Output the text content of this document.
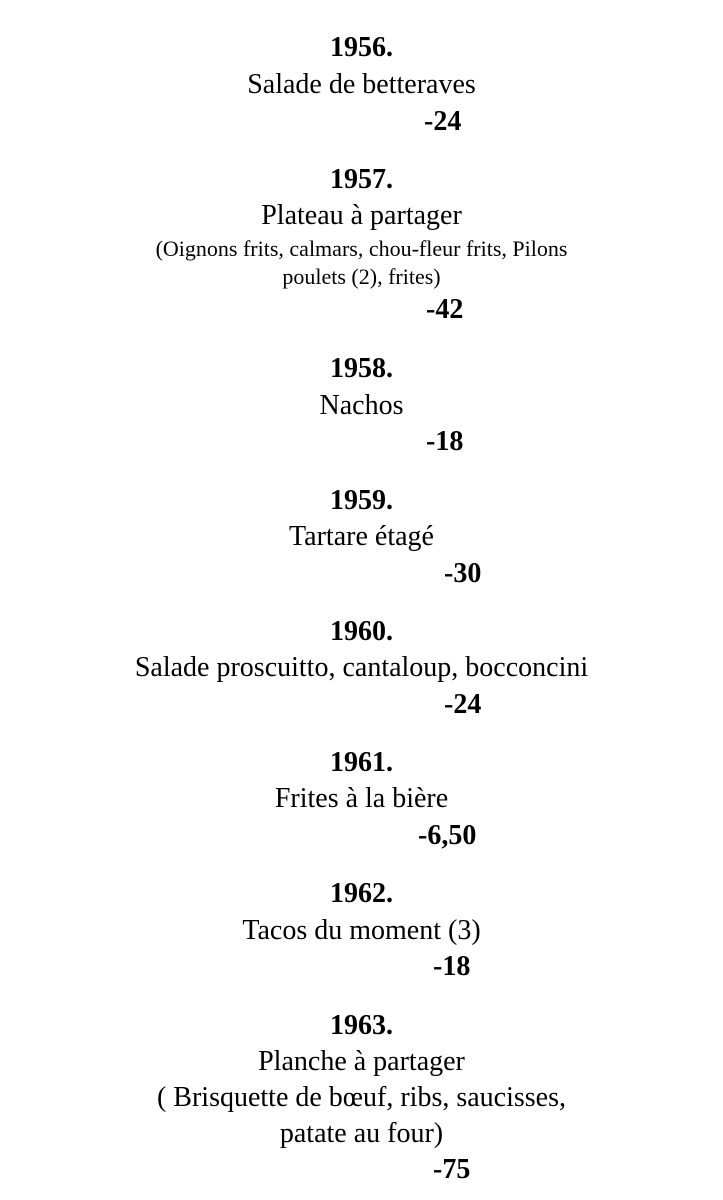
1956.
Salade de betteraves
-24
1957.
Plateau à partager
(Oignons frits, calmars, chou-fleur frits, Pilons
poulets (2), frites)
-42
1958.
Nachos
-18
1959.
Tartare étagé
-30
1960.
Salade proscuitto, cantaloup, bocconcini
-24
1961.
Frites à la bière
-6,50
1962.
Tacos du moment (3)
-18
1963.
Planche à partager
( Brisquette de bœuf, ribs, saucisses,
patate au four)
-75
